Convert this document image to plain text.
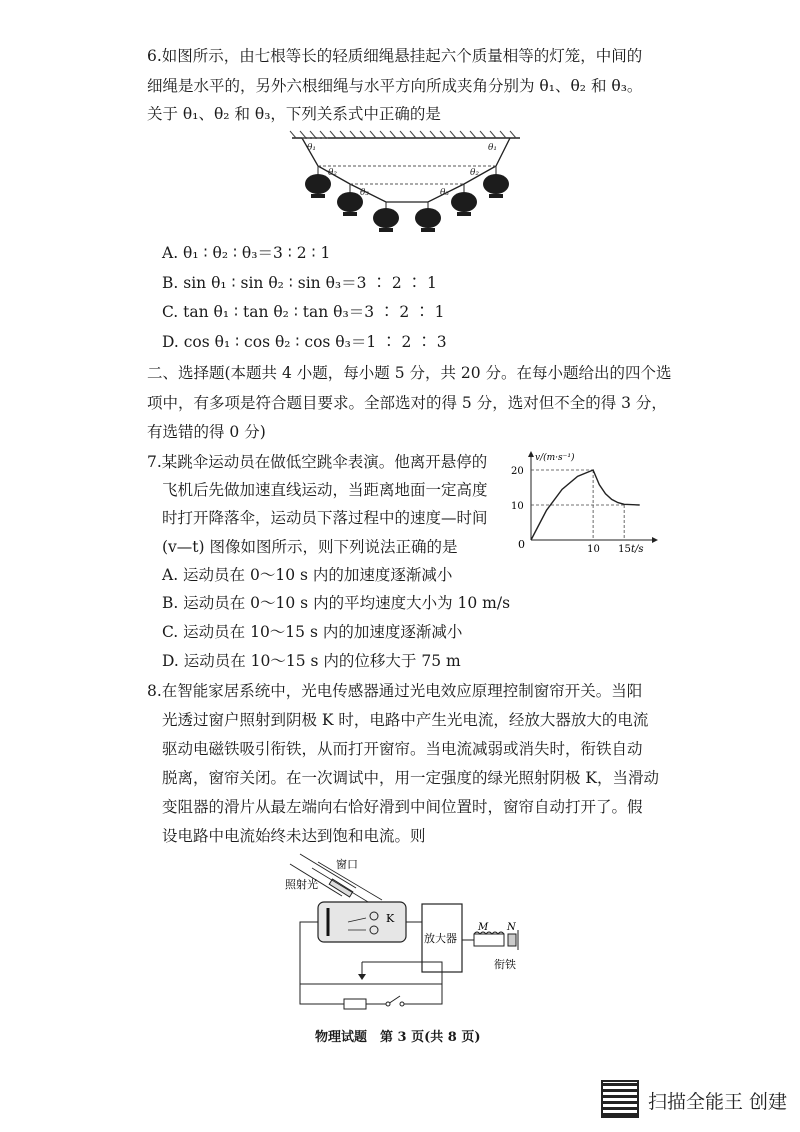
6.如图所示，由七根等长的轻质细绳悬挂起六个质量相等的灯笼，中间的
细绳是水平的，另外六根细绳与水平方向所成夹角分别为 θ₁、θ₂ 和 θ₃。
关于 θ₁、θ₂ 和 θ₃，下列关系式中正确的是
θ₁	θ₁
θ₂	θ₂
θ₃	θ₃
A. θ₁ ∶ θ₂ ∶ θ₃＝3 ∶ 2 ∶ 1
B. sin θ₁ ∶ sin θ₂ ∶ sin θ₃＝3 ∶ 2 ∶ 1
C. tan θ₁ ∶ tan θ₂ ∶ tan θ₃＝3 ∶ 2 ∶ 1
D. cos θ₁ ∶ cos θ₂ ∶ cos θ₃＝1 ∶ 2 ∶ 3
二、选择题(本题共 4 小题，每小题 5 分，共 20 分。在每小题给出的四个选
项中，有多项是符合题目要求。全部选对的得 5 分，选对但不全的得 3 分，
有选错的得 0 分)
7.某跳伞运动员在做低空跳伞表演。他离开悬停的
飞机后先做加速直线运动，当距离地面一定高度
时打开降落伞，运动员下落过程中的速度—时间
(v—t) 图像如图所示，则下列说法正确的是
v/(m·s⁻¹)
t/s
0
10
20
10 15
A. 运动员在 0～10 s 内的加速度逐渐减小
B. 运动员在 0～10 s 内的平均速度大小为 10 m/s
C. 运动员在 10～15 s 内的加速度逐渐减小
D. 运动员在 10～15 s 内的位移大于 75 m
8.在智能家居系统中，光电传感器通过光电效应原理控制窗帘开关。当阳
光透过窗户照射到阴极 K 时，电路中产生光电流，经放大器放大的电流
驱动电磁铁吸引衔铁，从而打开窗帘。当电流减弱或消失时，衔铁自动
脱离，窗帘关闭。在一次调试中，用一定强度的绿光照射阴极 K，当滑动
变阻器的滑片从最左端向右恰好滑到中间位置时，窗帘自动打开了。假
设电路中电流始终未达到饱和电流。则
窗口
照射光
K
放大器
M N
衔铁
物理试题　第 3 页(共 8 页)
扫描全能王 创建
